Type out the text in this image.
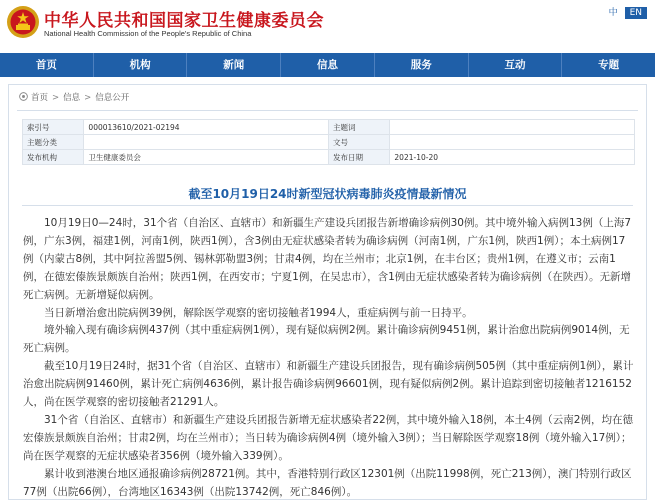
中华人民共和国国家卫生健康委员会
National Health Commission of the People's Republic of China
中 EN
首页	机构	新闻	信息	服务	互动	专题
首页 > 信息 > 信息公开
索引号	000013610/2021-02194	主题词	
主题分类		文号	
发布机构	卫生健康委员会	发布日期	2021-10-20
截至10月19日24时新型冠状病毒肺炎疫情最新情况

10月19日0—24时，31个省（自治区、直辖市）和新疆生产建设兵团报告新增确诊病例30例。其中境外输入病例13例（上海7例，广东3例，福建1例，河南1例，陕西1例），含3例由无症状感染者转为确诊病例（河南1例，广东1例，陕西1例）；本土病例17例（内蒙古8例，其中阿拉善盟5例、锡林郭勒盟3例；甘肃4例，均在兰州市；北京1例，在丰台区；贵州1例，在遵义市；云南1例，在德宏傣族景颇族自治州；陕西1例，在西安市；宁夏1例，在吴忠市），含1例由无症状感染者转为确诊病例（在陕西）。无新增死亡病例。无新增疑似病例。

当日新增治愈出院病例39例，解除医学观察的密切接触者1994人，重症病例与前一日持平。

境外输入现有确诊病例437例（其中重症病例1例），现有疑似病例2例。累计确诊病例9451例，累计治愈出院病例9014例，无死亡病例。

截至10月19日24时，据31个省（自治区、直辖市）和新疆生产建设兵团报告，现有确诊病例505例（其中重症病例1例），累计治愈出院病例91460例，累计死亡病例4636例，累计报告确诊病例96601例，现有疑似病例2例。累计追踪到密切接触者1216152人，尚在医学观察的密切接触者21291人。

31个省（自治区、直辖市）和新疆生产建设兵团报告新增无症状感染者22例，其中境外输入18例，本土4例（云南2例，均在德宏傣族景颇族自治州；甘肃2例，均在兰州市）；当日转为确诊病例4例（境外输入3例）；当日解除医学观察18例（境外输入17例）；尚在医学观察的无症状感染者356例（境外输入339例）。

累计收到港澳台地区通报确诊病例28721例。其中，香港特别行政区12301例（出院11998例，死亡213例），澳门特别行政区77例（出院66例），台湾地区16343例（出院13742例，死亡846例）。
